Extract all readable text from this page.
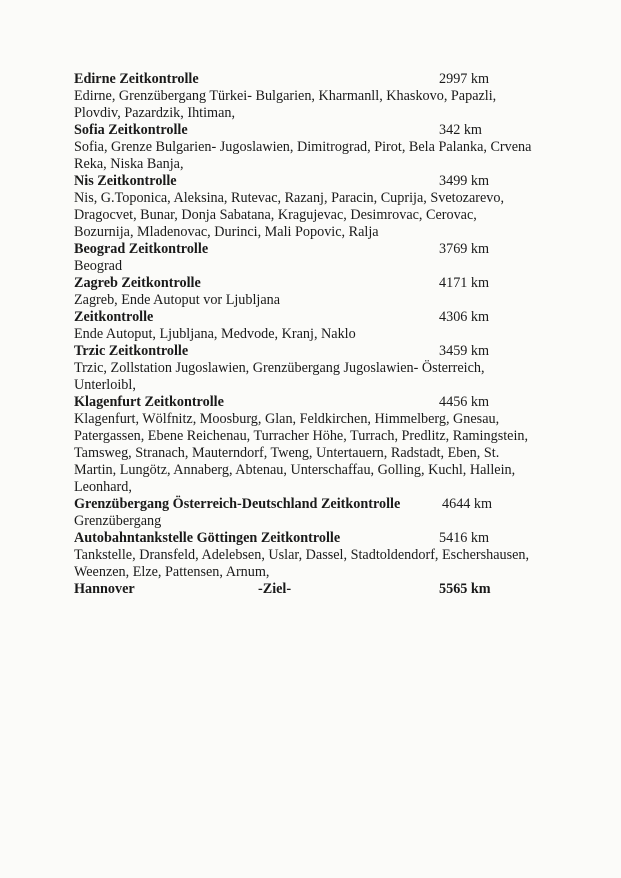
Edirne Zeitkontrolle	2997 km
Edirne, Grenzübergang Türkei- Bulgarien, Kharmanll, Khaskovo, Papazli,
Plovdiv, Pazardzik, Ihtiman,
Sofia Zeitkontrolle	342 km
Sofia, Grenze Bulgarien- Jugoslawien, Dimitrograd, Pirot, Bela Palanka, Crvena
Reka, Niska Banja,
Nis Zeitkontrolle	3499 km
Nis, G.Toponica, Aleksina, Rutevac, Razanj, Paracin, Cuprija, Svetozarevo,
Dragocvet, Bunar, Donja Sabatana, Kragujevac, Desimrovac, Cerovac,
Bozurnija, Mladenovac, Durinci, Mali Popovic, Ralja
Beograd Zeitkontrolle	3769 km
Beograd
Zagreb Zeitkontrolle	4171 km
Zagreb, Ende Autoput vor Ljubljana
Zeitkontrolle	4306 km
Ende Autoput, Ljubljana, Medvode, Kranj, Naklo
Trzic Zeitkontrolle	3459 km
Trzic, Zollstation Jugoslawien, Grenzübergang Jugoslawien- Österreich,
Unterloibl,
Klagenfurt Zeitkontrolle	4456 km
Klagenfurt, Wölfnitz, Moosburg, Glan, Feldkirchen, Himmelberg, Gnesau,
Patergassen, Ebene Reichenau, Turracher Höhe, Turrach, Predlitz, Ramingstein,
Tamsweg, Stranach, Mauterndorf, Tweng, Untertauern, Radstadt, Eben, St.
Martin, Lungötz, Annaberg, Abtenau, Unterschaffau, Golling, Kuchl, Hallein,
Leonhard,
Grenzübergang Österreich-Deutschland Zeitkontrolle	4644 km
Grenzübergang
Autobahntankstelle Göttingen Zeitkontrolle	5416 km
Tankstelle, Dransfeld, Adelebsen, Uslar, Dassel, Stadtoldendorf, Eschershausen,
Weenzen, Elze, Pattensen, Arnum,
Hannover	-Ziel-	5565 km
